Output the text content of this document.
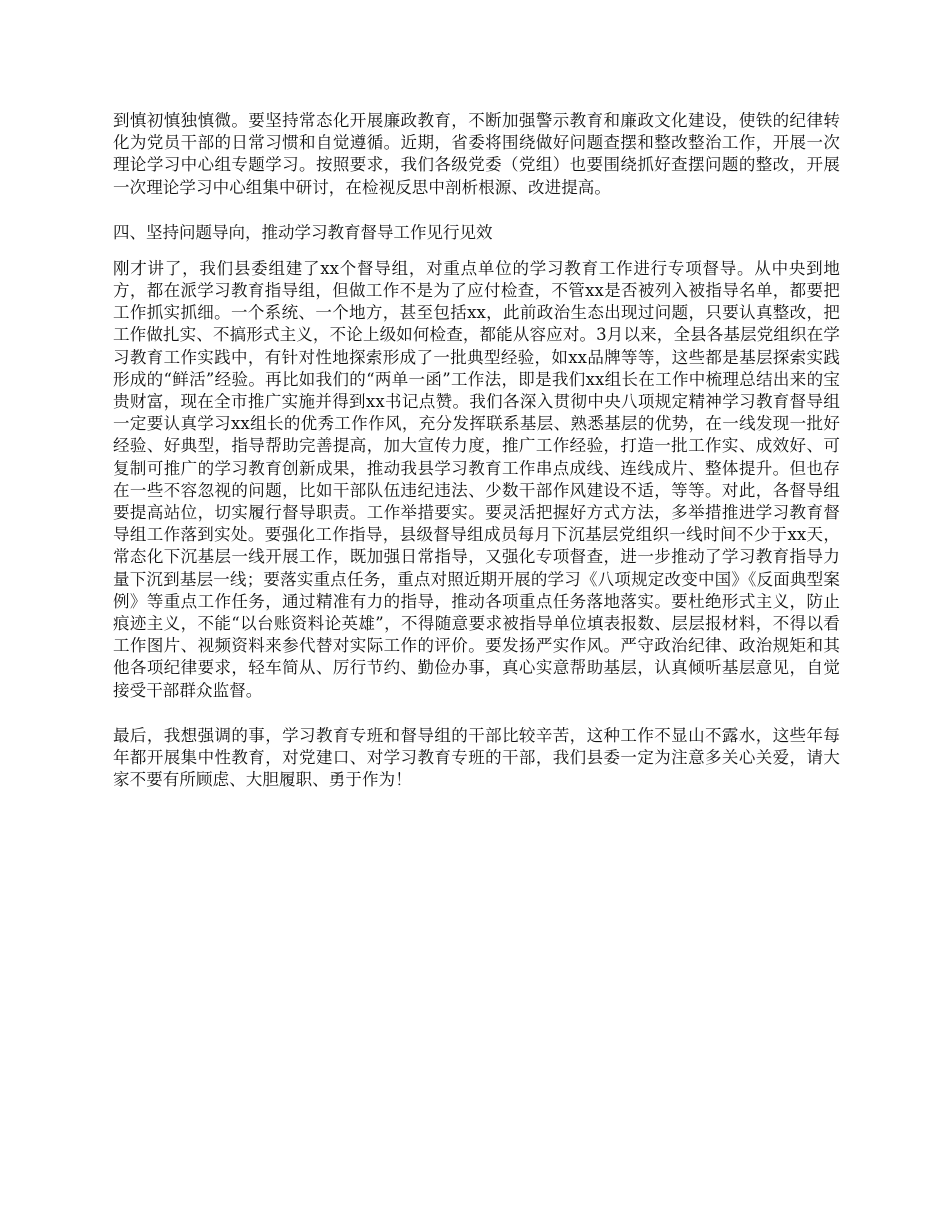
到慎初慎独慎微。要坚持常态化开展廉政教育，不断加强警示教育和廉政文化建设，使铁的纪律转化为党员干部的日常习惯和自觉遵循。近期，省委将围绕做好问题查摆和整改整治工作，开展一次理论学习中心组专题学习。按照要求，我们各级党委（党组）也要围绕抓好查摆问题的整改，开展一次理论学习中心组集中研讨，在检视反思中剖析根源、改进提高。

四、坚持问题导向，推动学习教育督导工作见行见效

刚才讲了，我们县委组建了xx个督导组，对重点单位的学习教育工作进行专项督导。从中央到地方，都在派学习教育指导组，但做工作不是为了应付检查，不管xx是否被列入被指导名单，都要把工作抓实抓细。一个系统、一个地方，甚至包括xx，此前政治生态出现过问题，只要认真整改，把工作做扎实、不搞形式主义，不论上级如何检查，都能从容应对。3月以来，全县各基层党组织在学习教育工作实践中，有针对性地探索形成了一批典型经验，如xx品牌等等，这些都是基层探索实践形成的“鲜活”经验。再比如我们的“两单一函”工作法，即是我们xx组长在工作中梳理总结出来的宝贵财富，现在全市推广实施并得到xx书记点赞。我们各深入贯彻中央八项规定精神学习教育督导组一定要认真学习xx组长的优秀工作作风，充分发挥联系基层、熟悉基层的优势，在一线发现一批好经验、好典型，指导帮助完善提高，加大宣传力度，推广工作经验，打造一批工作实、成效好、可复制可推广的学习教育创新成果，推动我县学习教育工作串点成线、连线成片、整体提升。但也存在一些不容忽视的问题，比如干部队伍违纪违法、少数干部作风建设不适，等等。对此，各督导组要提高站位，切实履行督导职责。工作举措要实。要灵活把握好方式方法，多举措推进学习教育督导组工作落到实处。要强化工作指导，县级督导组成员每月下沉基层党组织一线时间不少于xx天，常态化下沉基层一线开展工作，既加强日常指导，又强化专项督查，进一步推动了学习教育指导力量下沉到基层一线；要落实重点任务，重点对照近期开展的学习《八项规定改变中国》《反面典型案例》等重点工作任务，通过精准有力的指导，推动各项重点任务落地落实。要杜绝形式主义，防止痕迹主义，不能“以台账资料论英雄”，不得随意要求被指导单位填表报数、层层报材料，不得以看工作图片、视频资料来参代替对实际工作的评价。要发扬严实作风。严守政治纪律、政治规矩和其他各项纪律要求，轻车简从、厉行节约、勤俭办事，真心实意帮助基层，认真倾听基层意见，自觉接受干部群众监督。

最后，我想强调的事，学习教育专班和督导组的干部比较辛苦，这种工作不显山不露水，这些年每年都开展集中性教育，对党建口、对学习教育专班的干部，我们县委一定为注意多关心关爱，请大家不要有所顾虑、大胆履职、勇于作为！
